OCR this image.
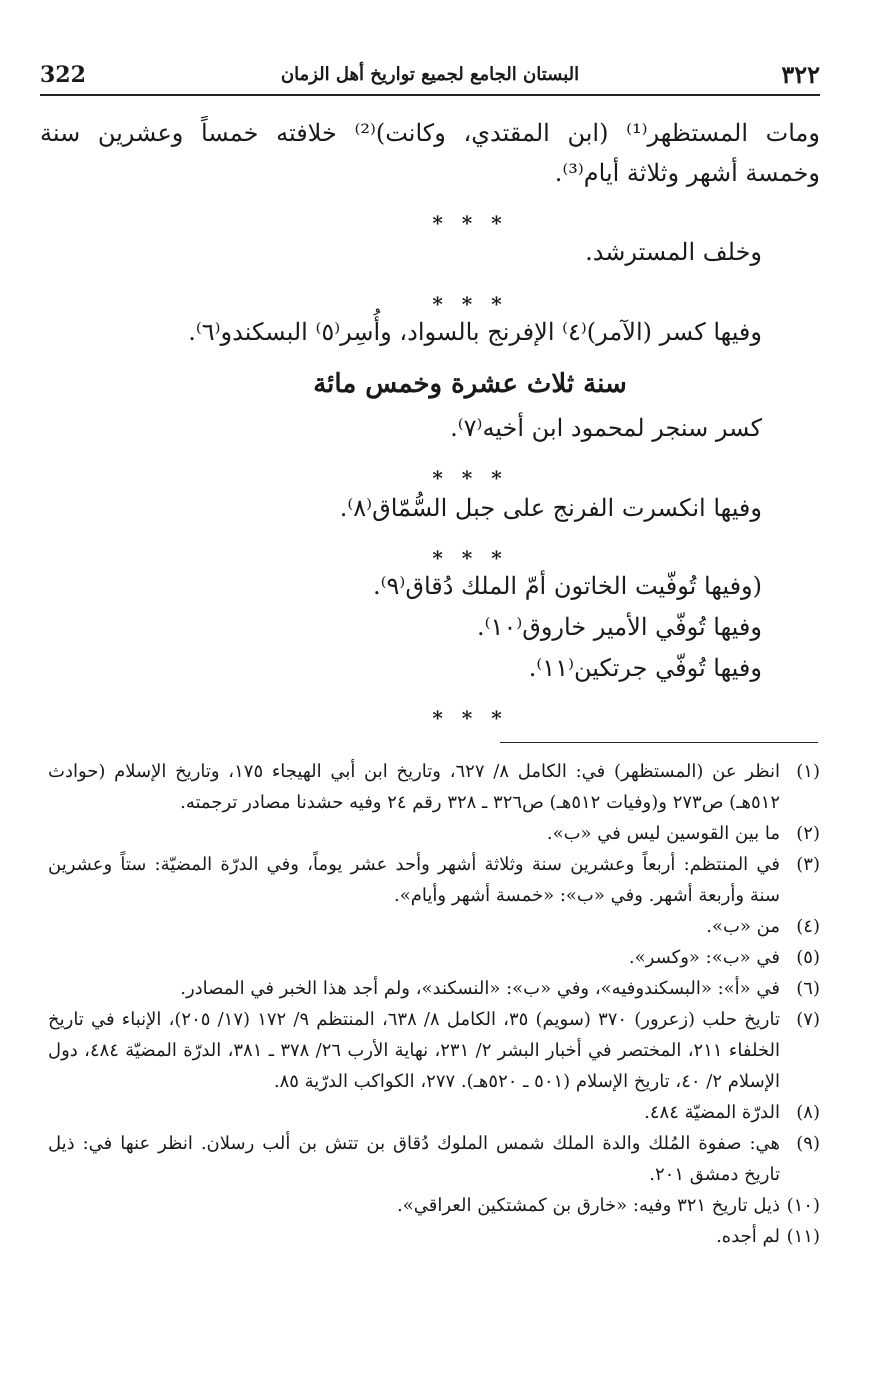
322	البستان الجامع لجميع تواريخ أهل الزمان	٣٢٢
ومات المستظهر⁽¹⁾ (ابن المقتدي، وكانت)⁽²⁾ خلافته خمساً وعشرين سنة وخمسة أشهر وثلاثة أيام⁽³⁾.
* * *
وخلف المسترشد.
* * *
وفيها كسر (الآمر)⁽٤⁾ الإفرنج بالسواد، وأُسِر⁽٥⁾ البسكندو⁽٦⁾.
سنة ثلاث عشرة وخمس مائة
كسر سنجر لمحمود ابن أخيه⁽٧⁾.
* * *
وفيها انكسرت الفرنج على جبل السُّمّاق⁽٨⁾.
* * *
(وفيها تُوفّيت الخاتون أمّ الملك دُقاق⁽٩⁾.
وفيها تُوفّي الأمير خاروق⁽١٠⁾.
وفيها تُوفّي جرتكين⁽١١⁾.
* * *
(١)
انظر عن (المستظهر) في: الكامل ٨/ ٦٢٧، وتاريخ ابن أبي الهيجاء ١٧٥، وتاريخ الإسلام (حوادث ٥١٢هـ) ص٢٧٣ و(وفيات ٥١٢هـ) ص٣٢٦ ـ ٣٢٨ رقم ٢٤ وفيه حشدنا مصادر ترجمته.
(٢)
ما بين القوسين ليس في «ب».
(٣)
في المنتظم: أربعاً وعشرين سنة وثلاثة أشهر وأحد عشر يوماً، وفي الدرّة المضيّة: ستاً وعشرين سنة وأربعة أشهر. وفي «ب»: «خمسة أشهر وأيام».
(٤)
من «ب».
(٥)
في «ب»: «وكسر».
(٦)
في «أ»: «البسكندوفيه»، وفي «ب»: «النسكند»، ولم أجد هذا الخبر في المصادر.
(٧)
تاريخ حلب (زعرور) ٣٧٠ (سويم) ٣٥، الكامل ٨/ ٦٣٨، المنتظم ٩/ ١٧٢ (١٧/ ٢٠٥)، الإنباء في تاريخ الخلفاء ٢١١، المختصر في أخبار البشر ٢/ ٢٣١، نهاية الأرب ٢٦/ ٣٧٨ ـ ٣٨١، الدرّة المضيّة ٤٨٤، دول الإسلام ٢/ ٤٠، تاريخ الإسلام (٥٠١ ـ ٥٢٠هـ). ٢٧٧، الكواكب الدرّية ٨٥.
(٨)
الدرّة المضيّة ٤٨٤.
(٩)
هي: صفوة المُلك والدة الملك شمس الملوك دُقاق بن تتش بن ألب رسلان. انظر عنها في: ذيل تاريخ دمشق ٢٠١.
(١٠)
ذيل تاريخ ٣٢١ وفيه: «خارق بن كمشتكين العراقي».
(١١)
لم أجده.
